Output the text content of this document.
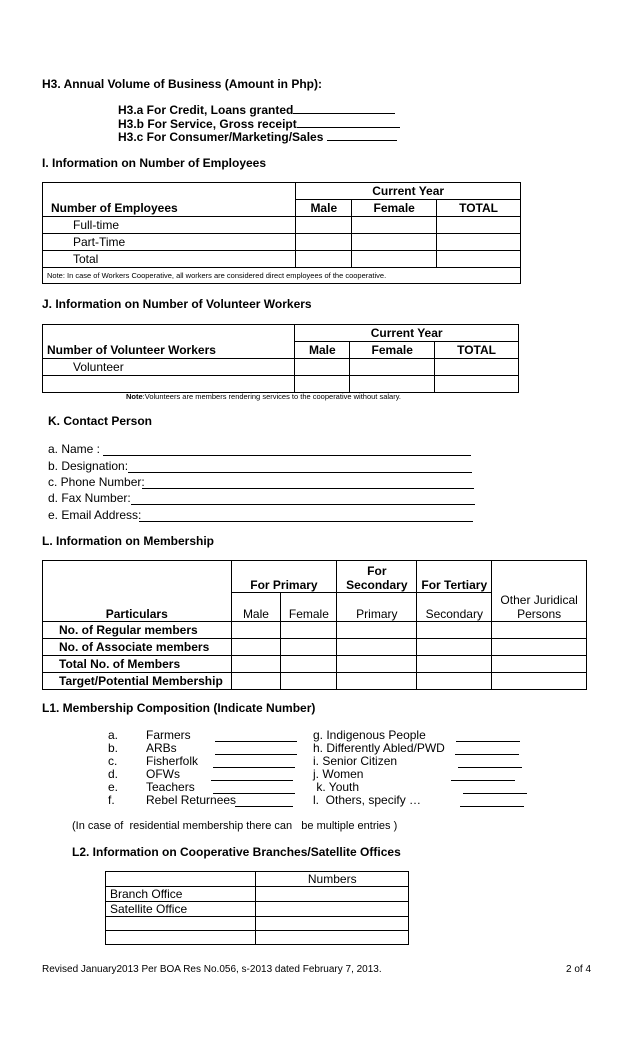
H3. Annual Volume of Business (Amount in Php):
H3.a For Credit, Loans granted
H3.b For Service, Gross receipt
H3.c For Consumer/Marketing/Sales
I. Information on Number of Employees
	Current Year		
Number of Employees	Male	Female	TOTAL
Full-time			
Part-Time			
Total			
Note: In case of Workers Cooperative, all workers are considered direct employees of the cooperative.			
J. Information on Number of Volunteer Workers
	Current Year		
Number of Volunteer Workers	Male	Female	TOTAL
Volunteer			

Note:Volunteers are members rendering services to the cooperative without salary.
K. Contact Person
a. Name :
b. Designation:
c. Phone Number:
d. Fax Number:
e. Email Address:
L. Information on Membership
	For Primary		For Secondary	For Tertiary	
Particulars	Male	Female	Primary	Secondary	Other Juridical Persons
No. of Regular members					
No. of Associate members					
Total No. of Members					
Target/Potential Membership					
L1. Membership Composition (Indicate Number)
a. Farmers	g. Indigenous People
b. ARBs	h. Differently Abled/PWD
c. Fisherfolk	i. Senior Citizen
d. OFWs	j. Women
e. Teachers	k. Youth
f.	Rebel Returnees	l.  Others, specify …
(In case of  residential membership there can   be multiple entries )
L2. Information on Cooperative Branches/Satellite Offices
	Numbers
Branch Office	
Satellite Office	

Revised January2013 Per BOA Res No.056, s-2013 dated February 7, 2013.	2 of 4
